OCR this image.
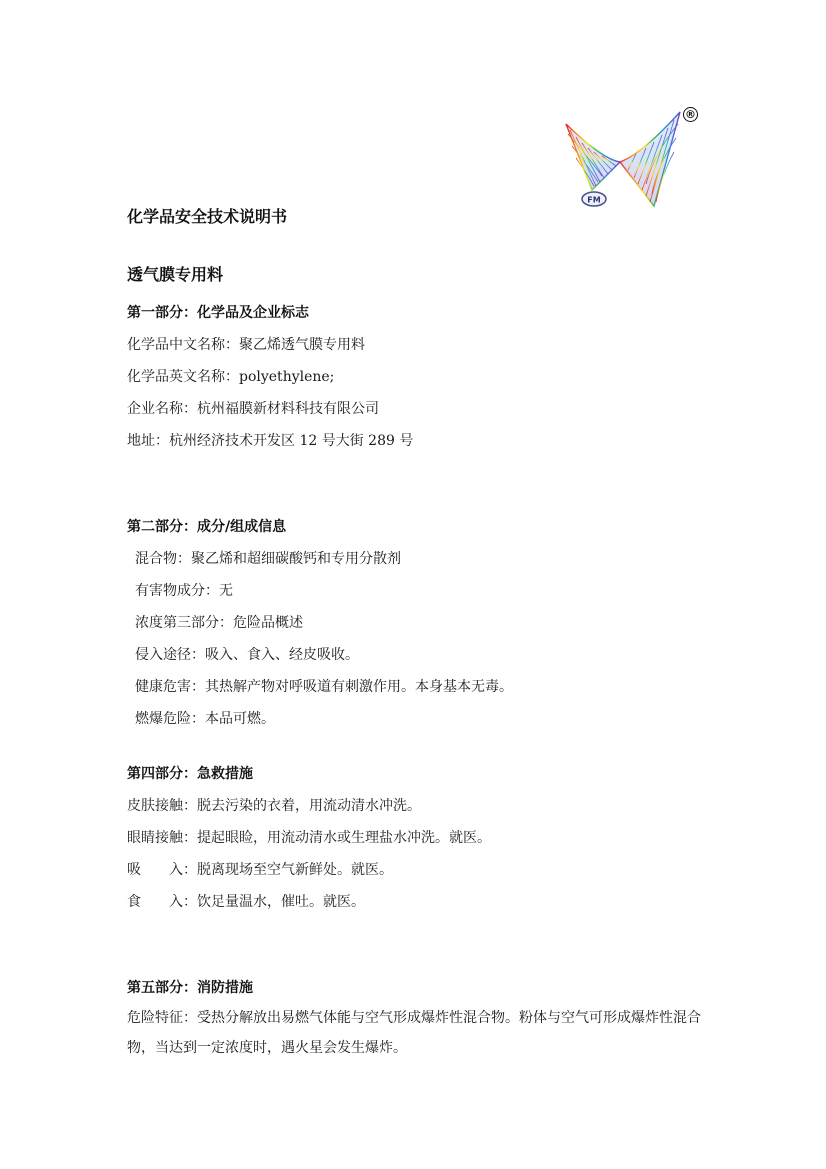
FM
®
化学品安全技术说明书
透气膜专用料
第一部分：化学品及企业标志
化学品中文名称：聚乙烯透气膜专用料
化学品英文名称：polyethylene;
企业名称：杭州福膜新材料科技有限公司
地址：杭州经济技术开发区 12 号大街 289 号
第二部分：成分/组成信息
混合物：聚乙烯和超细碳酸钙和专用分散剂
有害物成分：无
浓度第三部分：危险品概述
侵入途径：吸入、食入、经皮吸收。
健康危害：其热解产物对呼吸道有刺激作用。本身基本无毒。
燃爆危险：本品可燃。
第四部分：急救措施
皮肤接触：脱去污染的衣着，用流动清水冲洗。
眼睛接触：提起眼睑，用流动清水或生理盐水冲洗。就医。
吸　　入：脱离现场至空气新鲜处。就医。
食　　入：饮足量温水，催吐。就医。
第五部分：消防措施
危险特征：受热分解放出易燃气体能与空气形成爆炸性混合物。粉体与空气可形成爆炸性混合物，当达到一定浓度时，遇火星会发生爆炸。
